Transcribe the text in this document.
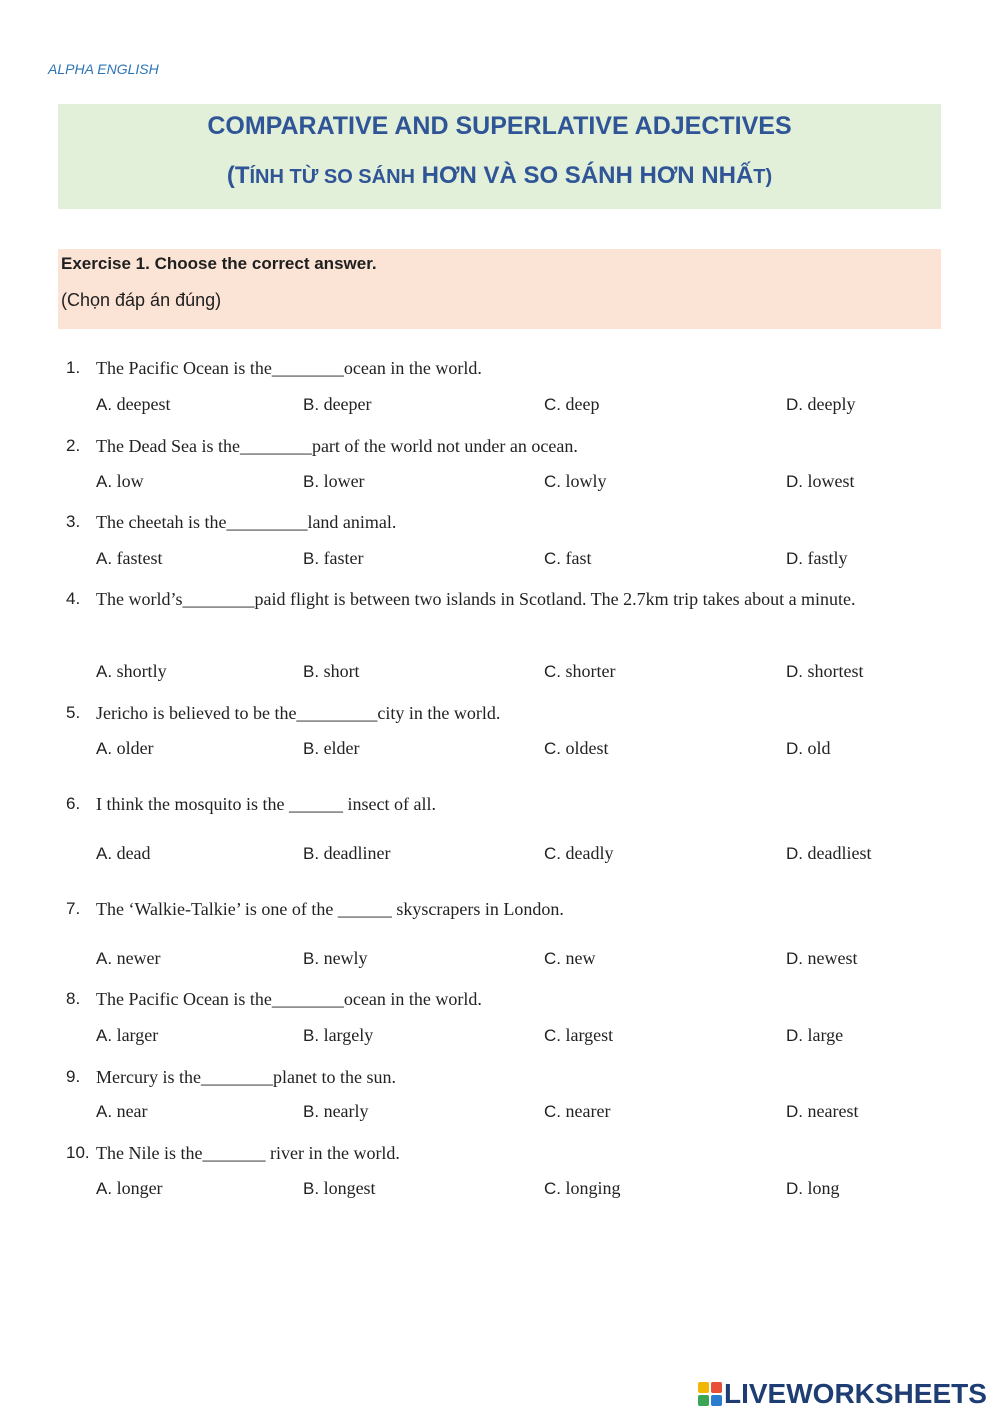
ALPHA ENGLISH
COMPARATIVE AND SUPERLATIVE ADJECTIVES
(TÍNH TỪ SO SÁNH HƠN VÀ SO SÁNH HƠN NHẤT)
Exercise 1. Choose the correct answer.
(Chọn đáp án đúng)
1. The Pacific Ocean is the________ocean in the world.
A. deepest	B. deeper	C. deep	D. deeply
2. The Dead Sea is the________part of the world not under an ocean.
A. low	B. lower	C. lowly	D. lowest
3. The cheetah is the_________land animal.
A. fastest	B. faster	C. fast	D. fastly
4. The world’s________paid flight is between two islands in Scotland. The 2.7km trip takes about a minute.
A. shortly	B. short	C. shorter	D. shortest
5. Jericho is believed to be the_________city in the world.
A. older	B. elder	C. oldest	D. old
6. I think the mosquito is the ______ insect of all.
A. dead	B. deadliner	C. deadly	D. deadliest
7. The ‘Walkie-Talkie’ is one of the ______ skyscrapers in London.
A. newer	B. newly	C. new	D. newest
8. The Pacific Ocean is the________ocean in the world.
A. larger	B. largely	C. largest	D. large
9. Mercury is the________planet to the sun.
A. near	B. nearly	C. nearer	D. nearest
10. The Nile is the_______ river in the world.
A. longer	B. longest	C. longing	D. long
LIVEWORKSHEETS
